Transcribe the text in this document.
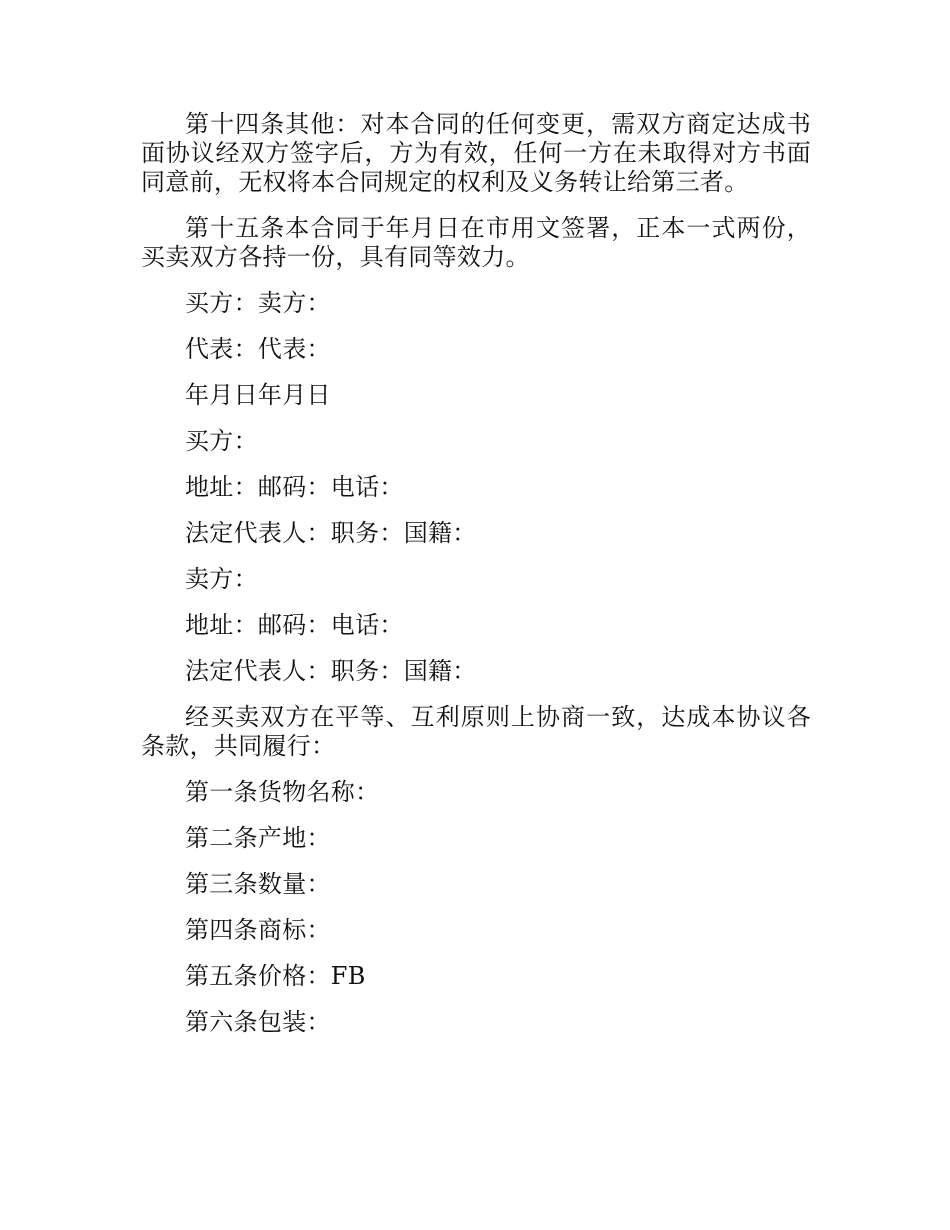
第十四条其他：对本合同的任何变更，需双方商定达成书面协议经双方签字后，方为有效，任何一方在未取得对方书面同意前，无权将本合同规定的权利及义务转让给第三者。

第十五条本合同于年月日在市用文签署，正本一式两份，买卖双方各持一份，具有同等效力。

买方：卖方：

代表：代表：

年月日年月日

买方：

地址：邮码：电话：

法定代表人：职务：国籍：

卖方：

地址：邮码：电话：

法定代表人：职务：国籍：

经买卖双方在平等、互利原则上协商一致，达成本协议各条款，共同履行：

第一条货物名称：

第二条产地：

第三条数量：

第四条商标：

第五条价格：FB

第六条包装：
